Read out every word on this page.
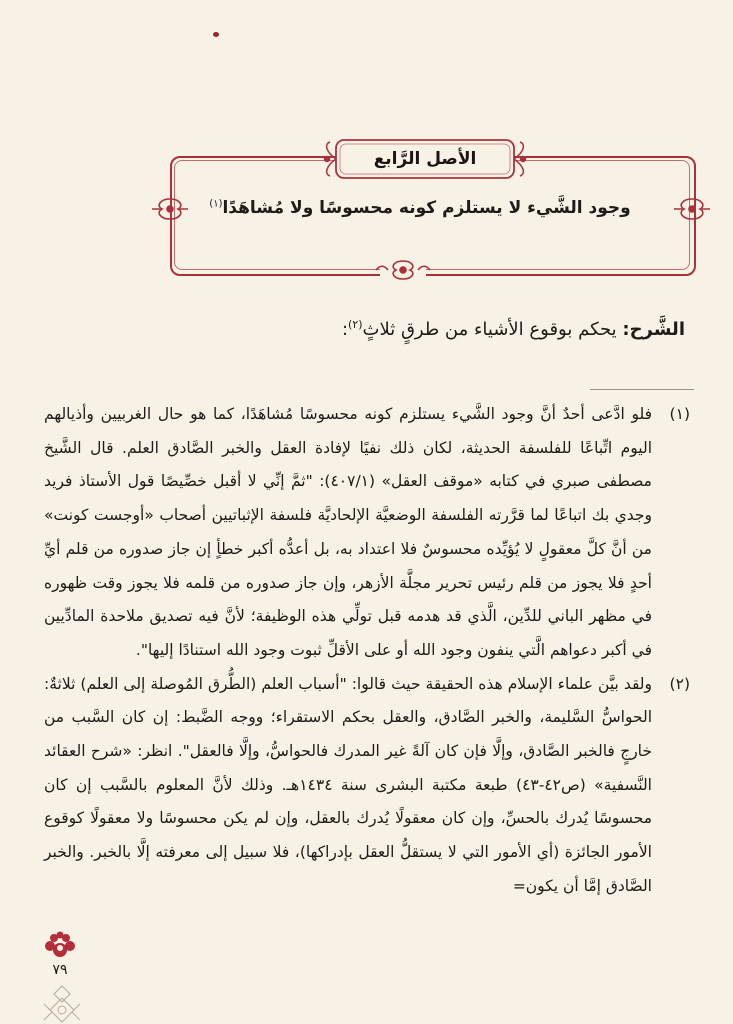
الأصل الرَّابع
وجود الشَّيء لا يستلزم كونه محسوسًا ولا مُشاهَدًا$^{(١)}$
الشَّرح: يحكم بوقوع الأشياء من طرقٍ ثلاثٍ$^{(٢)}$:
(١)
فلو ادَّعى أحدٌ أنَّ وجود الشَّيء يستلزم كونه محسوسًا مُشاهَدًا، كما هو حال الغربيين وأذيالهم اليوم اتِّباعًا للفلسفة الحديثة، لكان ذلك نفيًا لإفادة العقل والخبر الصَّادق العلم. قال الشَّيخ مصطفى صبري في كتابه «موقف العقل» (٤٠٧/١): "ثمَّ إنِّي لا أقبل خصِّيصًا قول الأستاذ فريد وجدي بك اتباعًا لما قرَّرته الفلسفة الوضعيَّة الإلحاديَّة فلسفة الإثباتيين أصحاب «أوجست كونت» من أنَّ كلَّ معقولٍ لا يُؤيِّده محسوسٌ فلا اعتداد به، بل أعدُّه أكبر خطأٍ إن جاز صدوره من قلم أيِّ أحدٍ فلا يجوز من قلم رئيس تحرير مجلَّة الأزهر، وإن جاز صدوره من قلمه فلا يجوز وقت ظهوره في مظهر الباني للدِّين، الَّذي قد هدمه قبل تولِّي هذه الوظيفة؛ لأنَّ فيه تصديق ملاحدة المادِّيين في أكبر دعواهم الَّتي ينفون وجود الله أو على الأقلِّ ثبوت وجود الله استنادًا إليها".
(٢)
ولقد بيَّن علماء الإسلام هذه الحقيقة حيث قالوا: "أسباب العلم (الطُّرق المُوصلة إلى العلم) ثلاثةٌ: الحواسُّ السَّليمة، والخبر الصَّادق، والعقل بحكم الاستقراء؛ ووجه الضَّبط: إن كان السَّبب من خارجٍ فالخبر الصَّادق، وإلَّا فإن كان آلةً غير المدرك فالحواسُّ، وإلَّا فالعقل". انظر: «شرح العقائد النَّسفية» (ص٤٢-٤٣) طبعة مكتبة البشرى سنة ١٤٣٤هـ. وذلك لأنَّ المعلوم بالسَّبب إن كان محسوسًا يُدرك بالحسِّ، وإن كان معقولًا يُدرك بالعقل، وإن لم يكن محسوسًا ولا معقولًا كوقوع الأمور الجائزة (أي الأمور التي لا يستقلُّ العقل بإدراكها)، فلا سبيل إلى معرفته إلَّا بالخبر. والخبر الصَّادق إمَّا أن يكون=
٧٩
